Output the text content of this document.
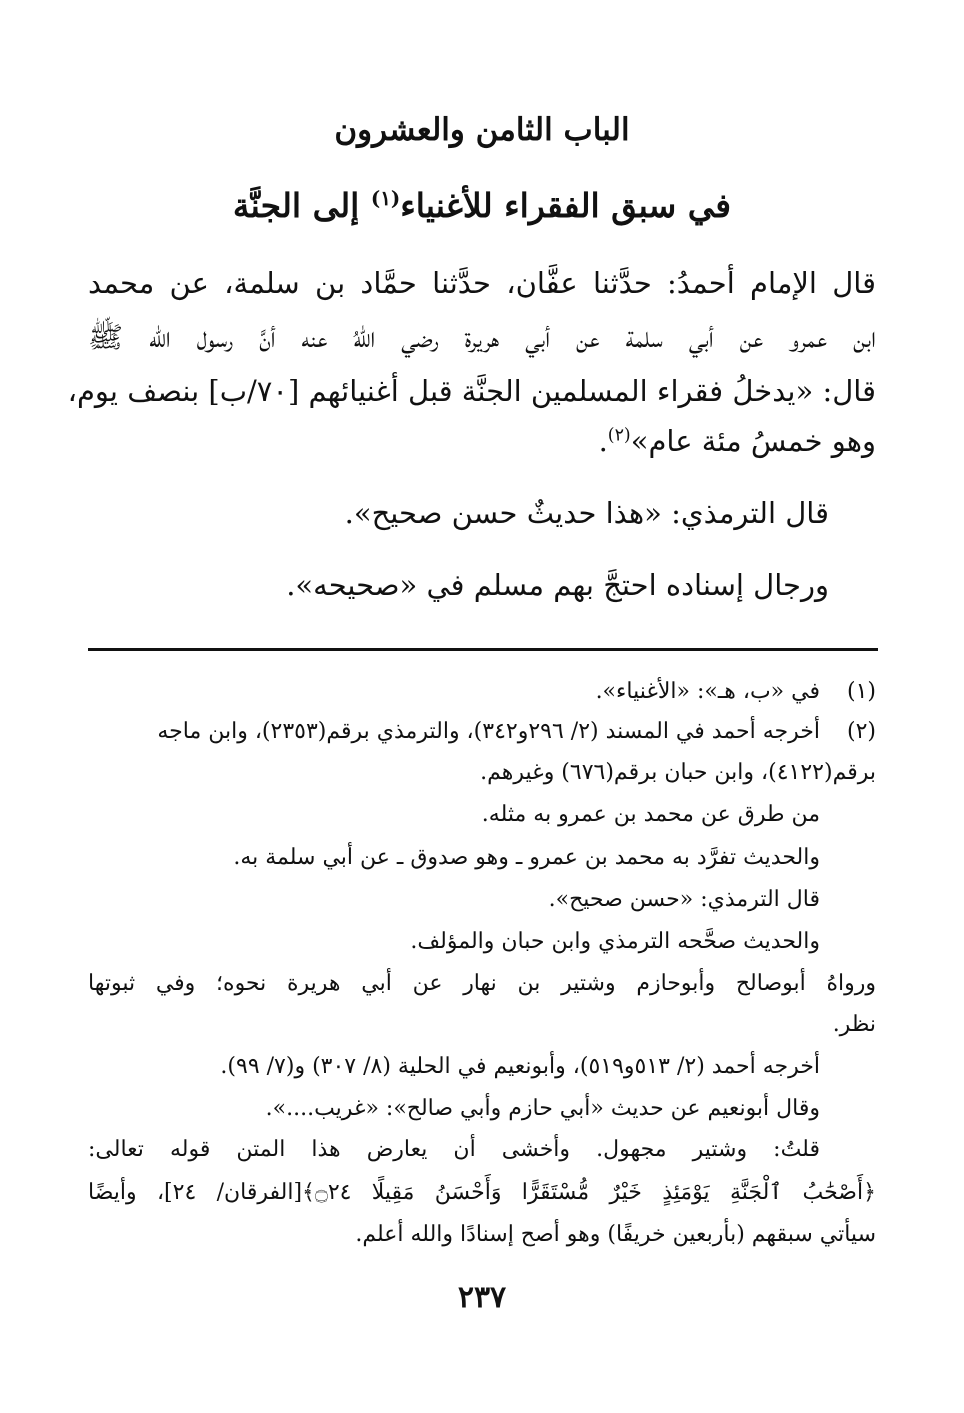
الباب الثامن والعشرون
في سبق الفقراء للأغنياء$^{(١)}$ إلى الجنَّة
قال الإمام أحمدُ: حدَّثنا عفَّان، حدَّثنا حمَّاد بن سلمة، عن محمد
ابن عمرو عن أبي سلمة عن أبي هريرة رضي اللهُ عنه أنَّ رسول الله ﷺ
قال: «يدخلُ فقراء المسلمين الجنَّة قبل أغنيائهم [٧٠/ب] بنصف يوم،
وهو خمسُ مئة عام»$^{(٢)}$.
قال الترمذي: «هذا حديثٌ حسن صحيح».
ورجال إسناده احتجَّ بهم مسلم في «صحيحه».
(١)في «ب، هـ»: «الأغنياء».
(٢)أخرجه أحمد في المسند (٢/ ٢٩٦و٣٤٢)، والترمذي برقم(٢٣٥٣)، وابن ماجه
برقم(٤١٢٢)، وابن حبان برقم(٦٧٦) وغيرهم.
من طرق عن محمد بن عمرو به مثله.
والحديث تفرَّد به محمد بن عمرو ـ وهو صدوق ـ عن أبي سلمة به.
قال الترمذي: «حسن صحيح».
والحديث صحَّحه الترمذي وابن حبان والمؤلف.
ورواهُ أبوصالح وأبوحازم وشتير بن نهار عن أبي هريرة نحوه؛ وفي ثبوتها
نظر.
أخرجه أحمد (٢/ ٥١٣و٥١٩)، وأبونعيم في الحلية (٨/ ٣٠٧) و(٧/ ٩٩).
وقال أبونعيم عن حديث «أبي حازم وأبي صالح»: «غريب....».
قلتُ: وشتير مجهول. وأخشى أن يعارض هذا المتن قوله تعالى:
﴿أَصْحَٰبُ ٱلْجَنَّةِ يَوْمَئِذٍ خَيْرٌ مُّسْتَقَرًّا وَأَحْسَنُ مَقِيلًا ۝٢٤﴾[الفرقان/ ٢٤]، وأيضًا
سيأتي سبقهم (بأربعين خريفًا) وهو أصح إسنادًا والله أعلم.
٢٣٧
